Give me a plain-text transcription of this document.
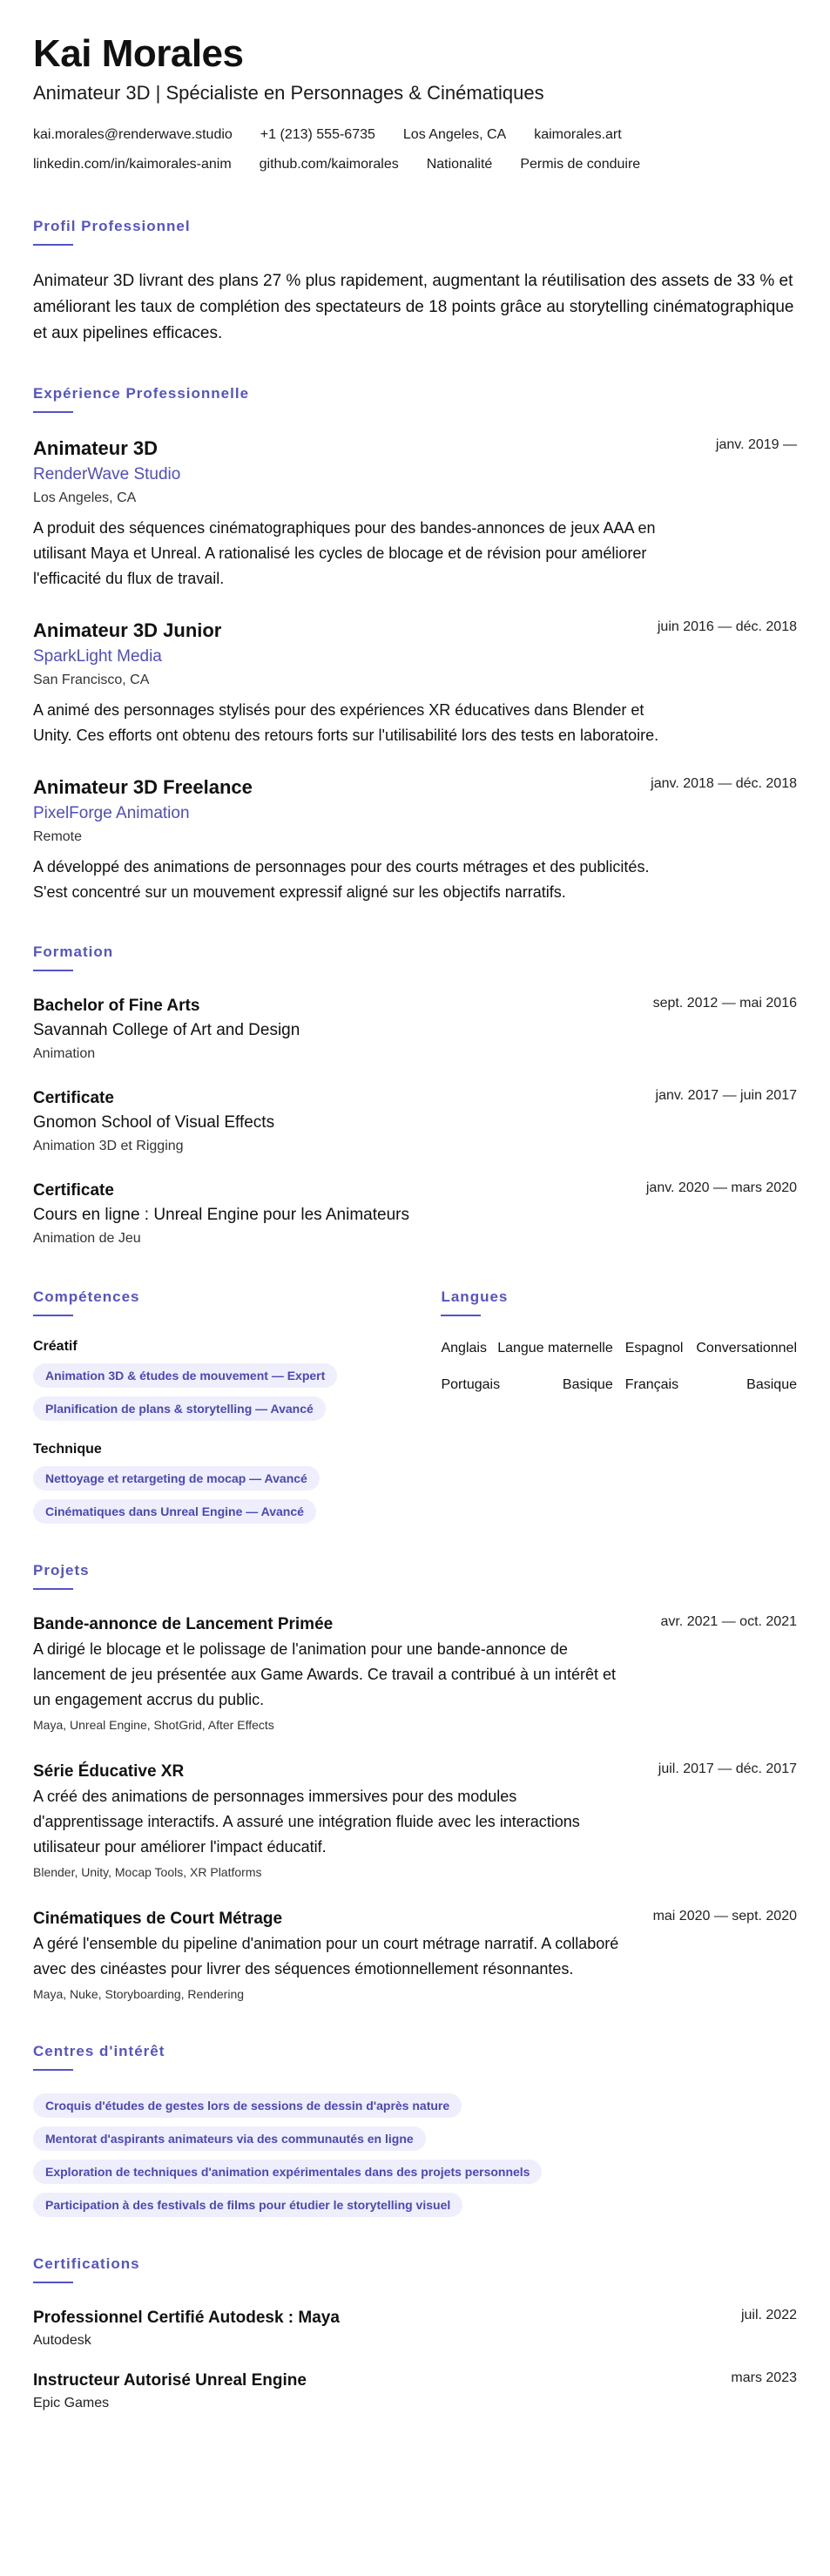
Kai Morales
Animateur 3D | Spécialiste en Personnages & Cinématiques
kai.morales@renderwave.studio +1 (213) 555-6735 Los Angeles, CA kaimorales.art
linkedin.com/in/kaimorales-anim github.com/kaimorales Nationalité Permis de conduire
Profil Professionnel
Animateur 3D livrant des plans 27 % plus rapidement, augmentant la réutilisation des assets de 33 % et améliorant les taux de complétion des spectateurs de 18 points grâce au storytelling cinématographique et aux pipelines efficaces.
Expérience Professionnelle
janv. 2019 —
Animateur 3D
RenderWave Studio
Los Angeles, CA
A produit des séquences cinématographiques pour des bandes-annonces de jeux AAA en utilisant Maya et Unreal. A rationalisé les cycles de blocage et de révision pour améliorer l'efficacité du flux de travail.
juin 2016 — déc. 2018
Animateur 3D Junior
SparkLight Media
San Francisco, CA
A animé des personnages stylisés pour des expériences XR éducatives dans Blender et Unity. Ces efforts ont obtenu des retours forts sur l'utilisabilité lors des tests en laboratoire.
janv. 2018 — déc. 2018
Animateur 3D Freelance
PixelForge Animation
Remote
A développé des animations de personnages pour des courts métrages et des publicités. S'est concentré sur un mouvement expressif aligné sur les objectifs narratifs.
Formation
sept. 2012 — mai 2016
Bachelor of Fine Arts
Savannah College of Art and Design
Animation
janv. 2017 — juin 2017
Certificate
Gnomon School of Visual Effects
Animation 3D et Rigging
janv. 2020 — mars 2020
Certificate
Cours en ligne : Unreal Engine pour les Animateurs
Animation de Jeu
Compétences
Créatif
Animation 3D & études de mouvement — Expert
Planification de plans & storytelling — Avancé
Technique
Nettoyage et retargeting de mocap — Avancé
Cinématiques dans Unreal Engine — Avancé
Langues
Anglais Langue maternelle Espagnol Conversationnel
Portugais	Basique Français	Basique
Projets
avr. 2021 — oct. 2021
Bande-annonce de Lancement Primée
A dirigé le blocage et le polissage de l'animation pour une bande-annonce de lancement de jeu présentée aux Game Awards. Ce travail a contribué à un intérêt et un engagement accrus du public.
Maya, Unreal Engine, ShotGrid, After Effects
juil. 2017 — déc. 2017
Série Éducative XR
A créé des animations de personnages immersives pour des modules d'apprentissage interactifs. A assuré une intégration fluide avec les interactions utilisateur pour améliorer l'impact éducatif.
Blender, Unity, Mocap Tools, XR Platforms
mai 2020 — sept. 2020
Cinématiques de Court Métrage
A géré l'ensemble du pipeline d'animation pour un court métrage narratif. A collaboré avec des cinéastes pour livrer des séquences émotionnellement résonnantes.
Maya, Nuke, Storyboarding, Rendering
Centres d'intérêt
Croquis d'études de gestes lors de sessions de dessin d'après nature
Mentorat d'aspirants animateurs via des communautés en ligne
Exploration de techniques d'animation expérimentales dans des projets personnels
Participation à des festivals de films pour étudier le storytelling visuel
Certifications
juil. 2022
Professionnel Certifié Autodesk : Maya
Autodesk
mars 2023
Instructeur Autorisé Unreal Engine
Epic Games
